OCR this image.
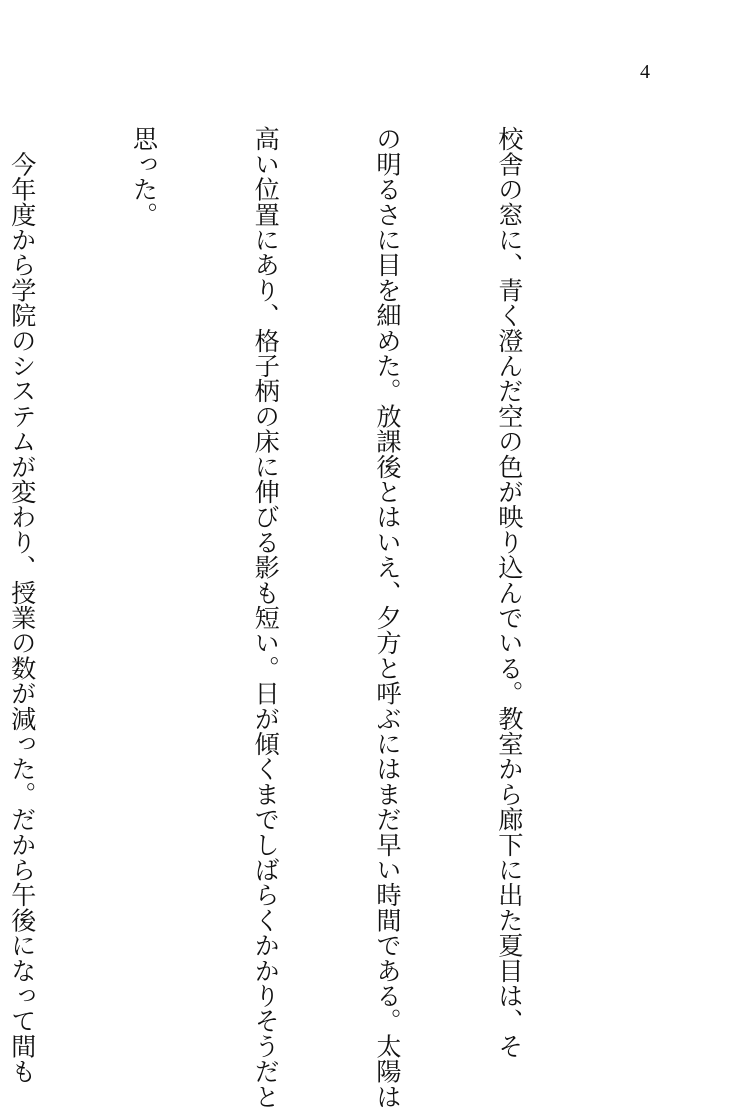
4

校舎の窓に、青く澄んだ空の色が映り込んでいる。教室から廊下に出た夏目は、そ

の明るさに目を細めた。放課後とはいえ、夕方と呼ぶにはまだ早い時間である。太陽は

高い位置にあり、格子柄の床に伸びる影も短い。日が傾くまでしばらくかかりそうだと

思った。

　今年度から学院のシステムが変わり、授業の数が減った。だから午後になって間も
